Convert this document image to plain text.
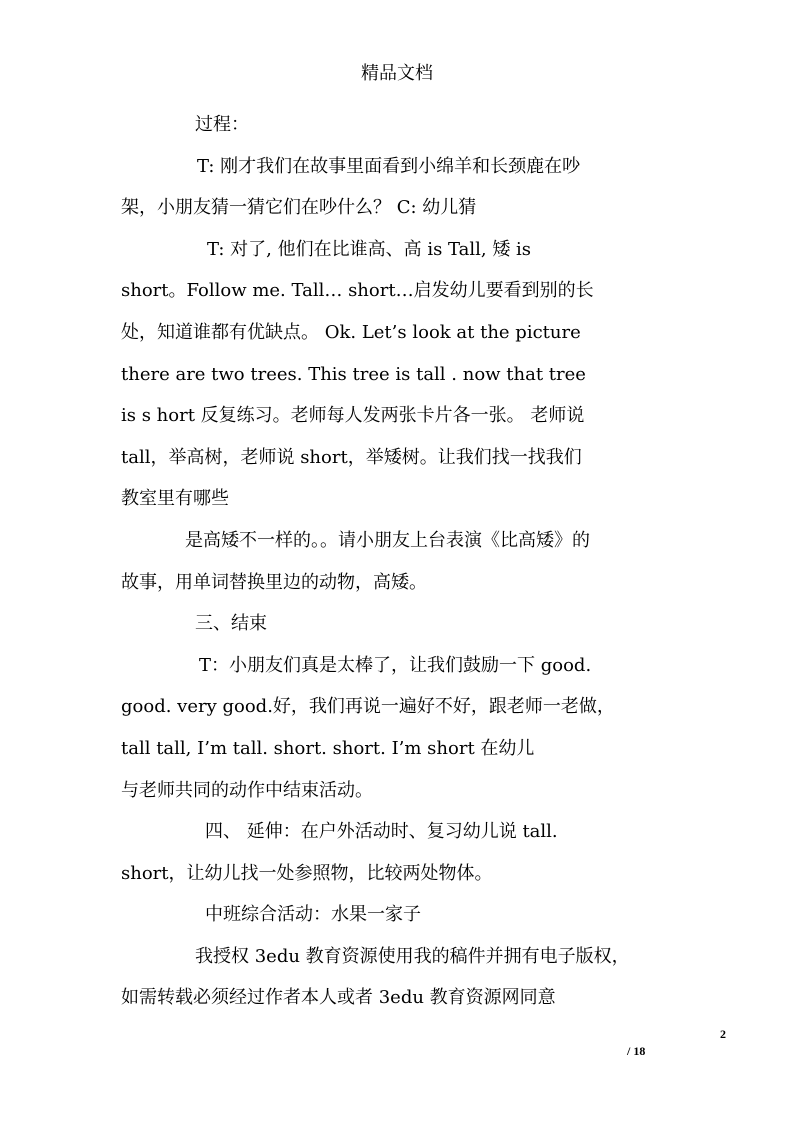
精品文档

过程：

T: 刚才我们在故事里面看到小绵羊和长颈鹿在吵

架，小朋友猜一猜它们在吵什么？ C: 幼儿猜

T: 对了, 他们在比谁高、高 is Tall, 矮 is

short。Follow me. Tall… short…启发幼儿要看到别的长

处，知道谁都有优缺点。 Ok. Let’s look at the picture

there are two trees. This tree is tall . now that tree

is s hort 反复练习。老师每人发两张卡片各一张。 老师说

tall，举高树，老师说 short，举矮树。让我们找一找我们

教室里有哪些

是高矮不一样的。。请小朋友上台表演《比高矮》的

故事，用单词替换里边的动物，高矮。

三、结束

T：小朋友们真是太棒了，让我们鼓励一下 good.

good. very good.好，我们再说一遍好不好，跟老师一老做，

tall tall, I’m tall. short. short. I’m short 在幼儿

与老师共同的动作中结束活动。

四、 延伸：在户外活动时、复习幼儿说 tall.

short，让幼儿找一处参照物，比较两处物体。

中班综合活动：水果一家子

我授权 3edu 教育资源使用我的稿件并拥有电子版权，

如需转载必须经过作者本人或者 3edu 教育资源网同意

2
/ 18
